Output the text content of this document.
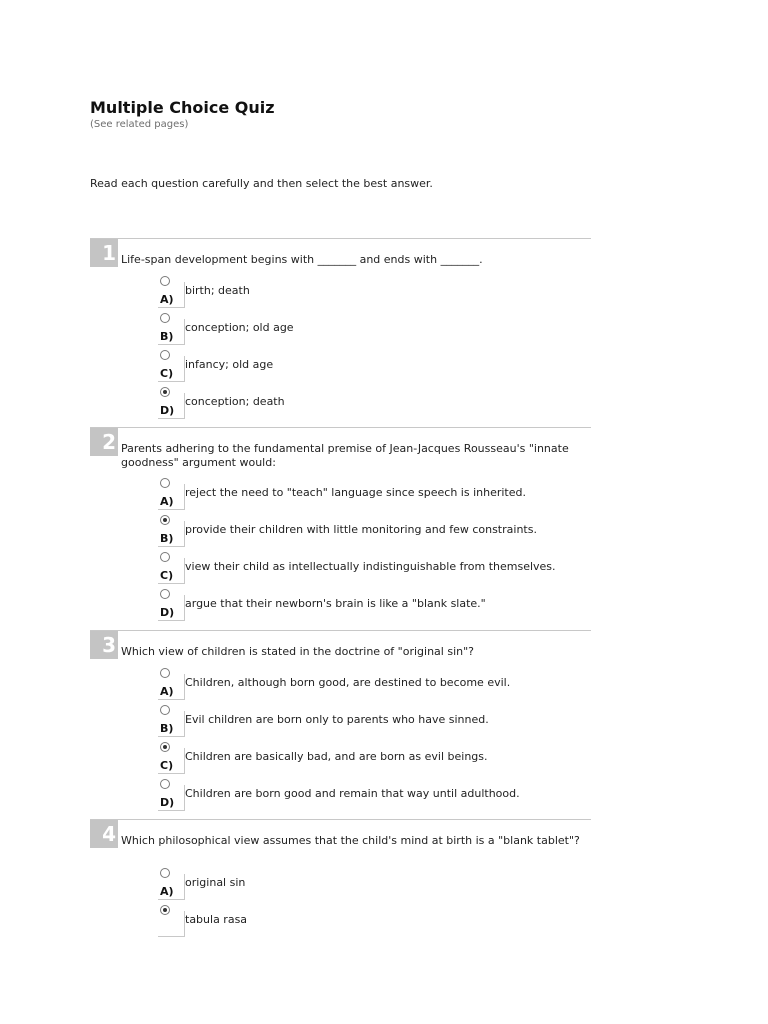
Multiple Choice Quiz
(See related pages)
Read each question carefully and then select the best answer.
1 Life-span development begins with _______ and ends with _______.
A)
birth; death
B)
conception; old age
C)
infancy; old age
D)
conception; death
2 Parents adhering to the fundamental premise of Jean-Jacques Rousseau's "innate goodness" argument would:
A)
reject the need to "teach" language since speech is inherited.
B)
provide their children with little monitoring and few constraints.
C)
view their child as intellectually indistinguishable from themselves.
D)
argue that their newborn's brain is like a "blank slate."
3 Which view of children is stated in the doctrine of "original sin"?
A)
Children, although born good, are destined to become evil.
B)
Evil children are born only to parents who have sinned.
C)
Children are basically bad, and are born as evil beings.
D)
Children are born good and remain that way until adulthood.
4 Which philosophical view assumes that the child's mind at birth is a "blank tablet"?
A)
original sin
tabula rasa
